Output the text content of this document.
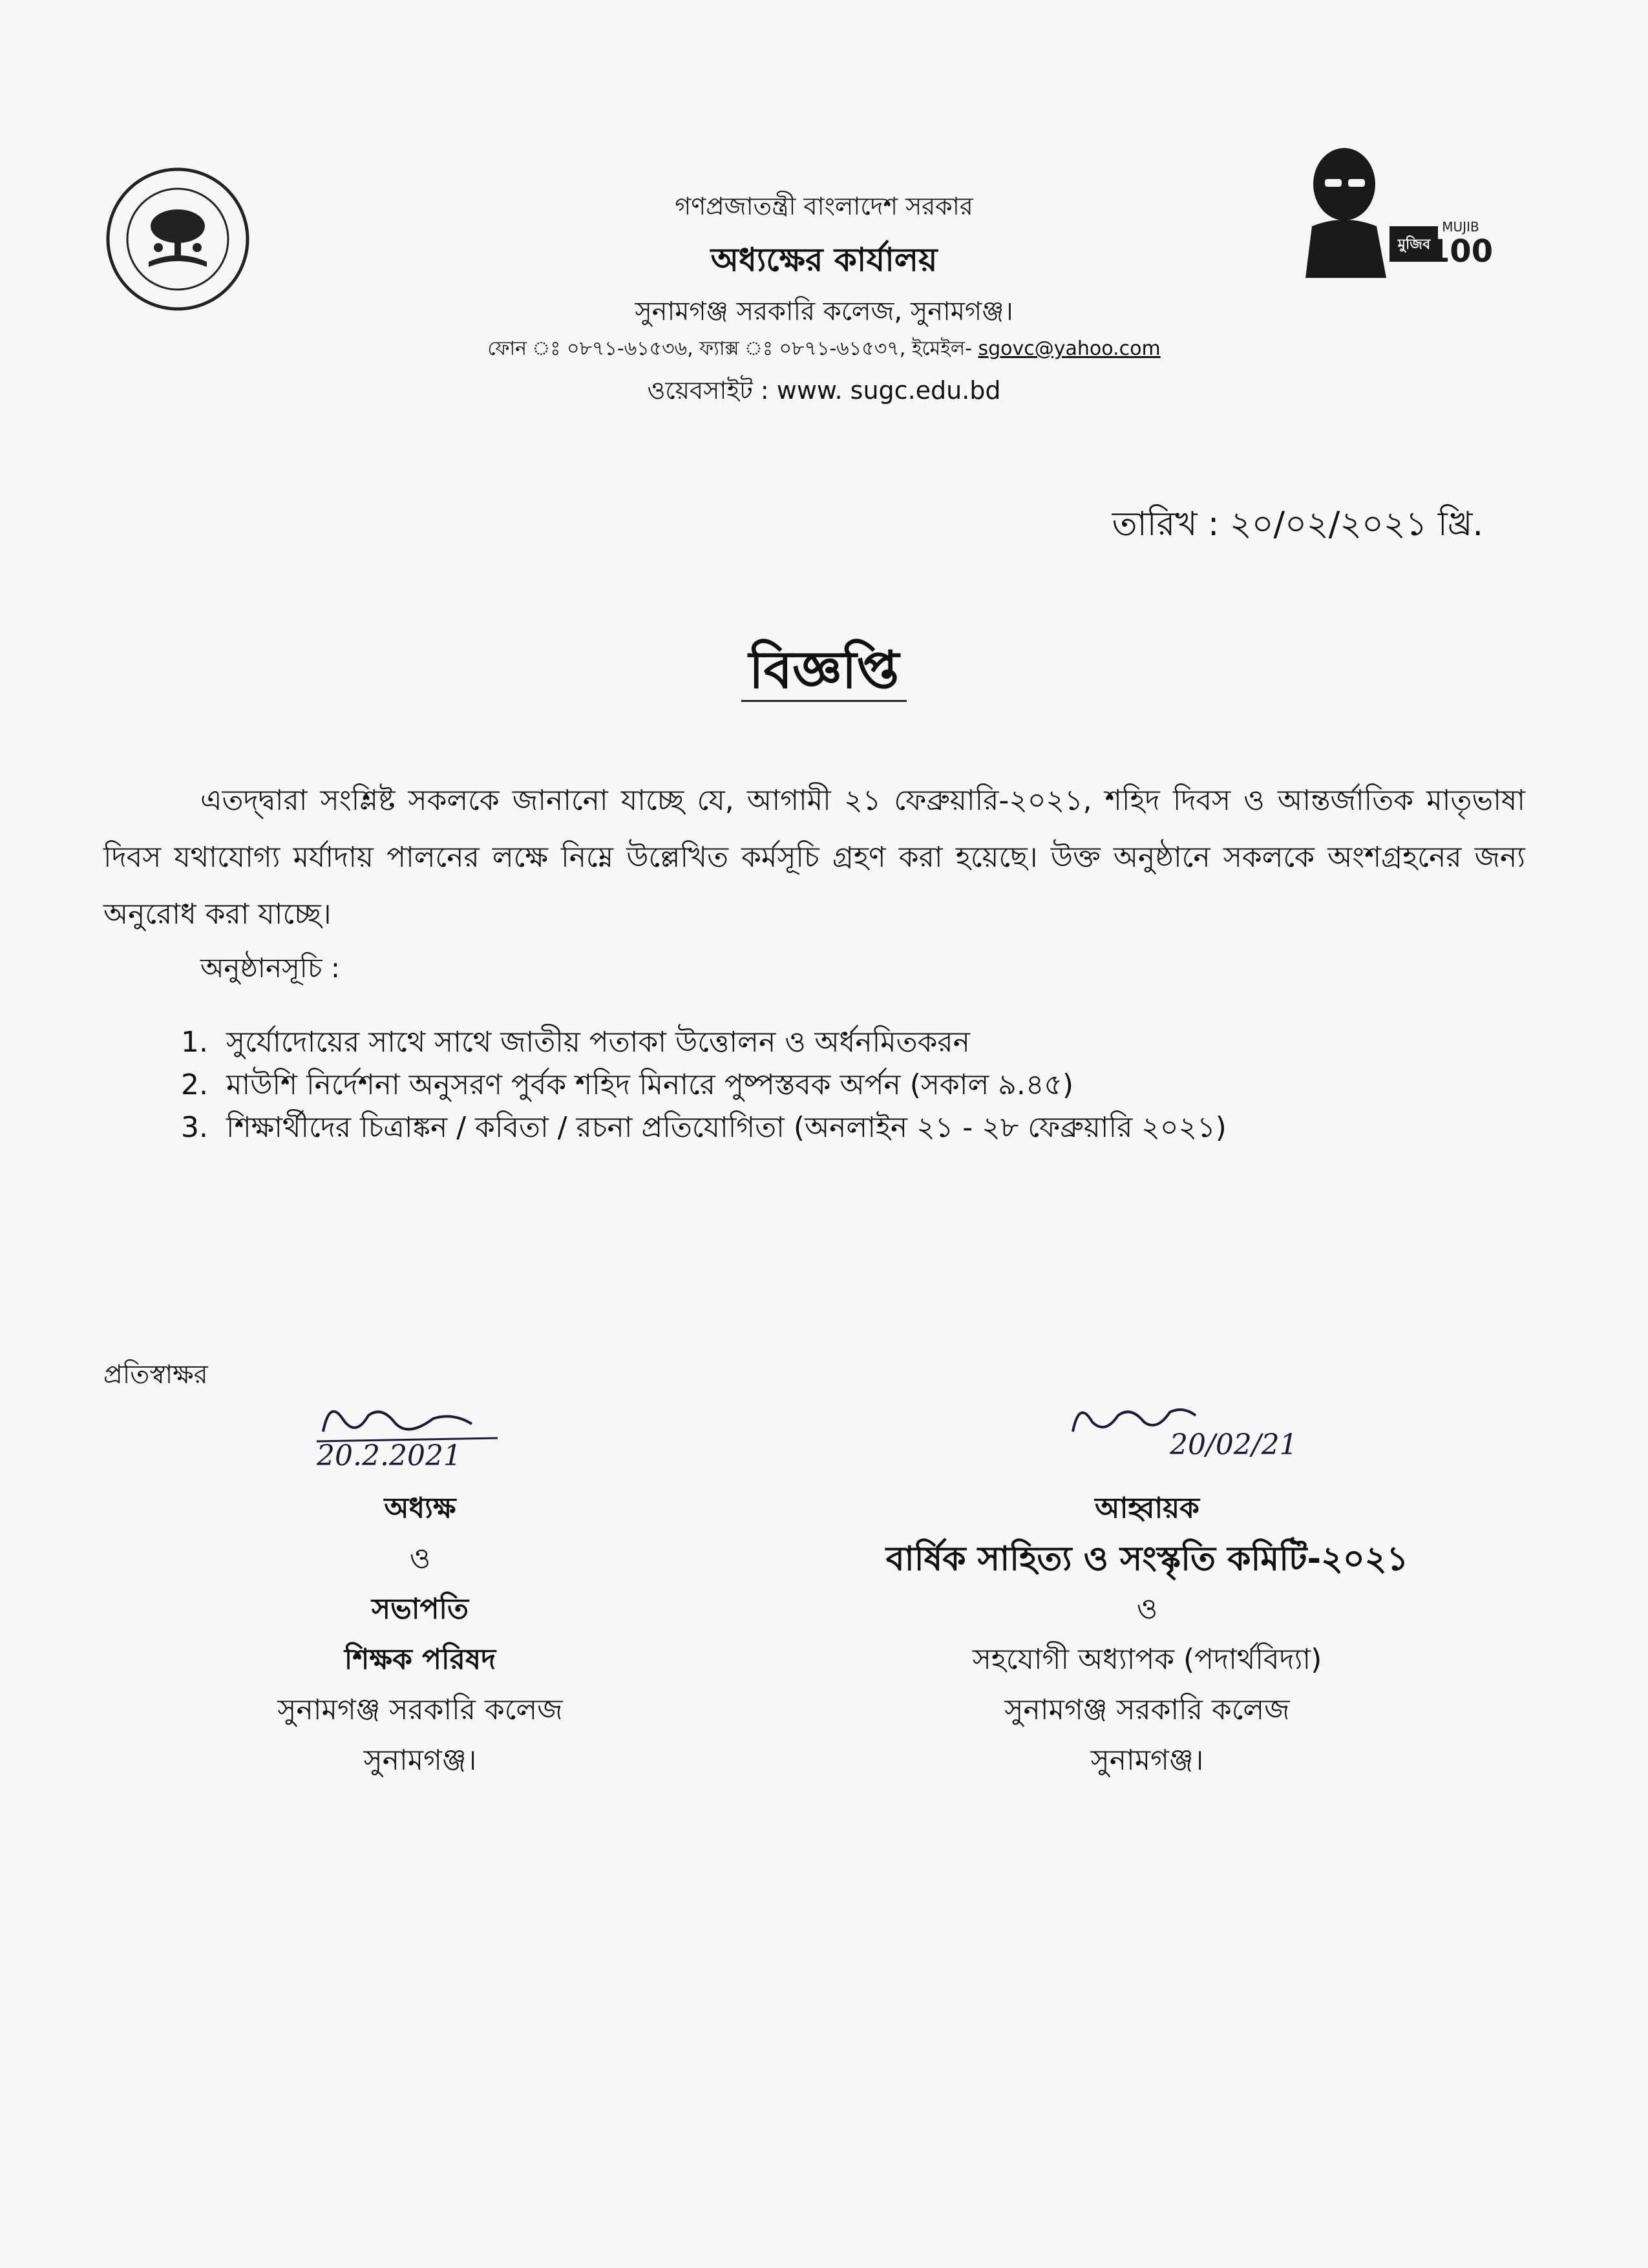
মুজিব
MUJIB
100
গণপ্রজাতন্ত্রী বাংলাদেশ সরকার
অধ্যক্ষের কার্যালয়
সুনামগঞ্জ সরকারি কলেজ, সুনামগঞ্জ।
ফোন ঃ ০৮৭১-৬১৫৩৬, ফ্যাক্স ঃ ০৮৭১-৬১৫৩৭, ইমেইল- sgovc@yahoo.com
ওয়েবসাইট : www. sugc.edu.bd
তারিখ : ২০/০২/২০২১ খ্রি.
বিজ্ঞপ্তি
এতদ্দ্বারা সংশ্লিষ্ট সকলকে জানানো যাচ্ছে যে, আগামী ২১ ফেব্রুয়ারি-২০২১, শহিদ দিবস ও আন্তর্জাতিক মাতৃভাষা দিবস যথাযোগ্য মর্যাদায় পালনের লক্ষে নিম্নে উল্লেখিত কর্মসূচি গ্রহণ করা হয়েছে। উক্ত অনুষ্ঠানে সকলকে অংশগ্রহনের জন্য অনুরোধ করা যাচ্ছে।
অনুষ্ঠানসূচি :
1. সুর্যোদোয়ের সাথে সাথে জাতীয় পতাকা উত্তোলন ও অর্ধনমিতকরন
2. মাউশি নির্দেশনা অনুসরণ পুর্বক শহিদ মিনারে পুষ্পস্তবক অর্পন (সকাল ৯.৪৫)
3. শিক্ষার্থীদের চিত্রাঙ্কন / কবিতা / রচনা প্রতিযোগিতা (অনলাইন ২১ - ২৮ ফেব্রুয়ারি ২০২১)
প্রতিস্বাক্ষর
20.2.2021
অধ্যক্ষ
ও
সভাপতি
শিক্ষক পরিষদ
সুনামগঞ্জ সরকারি কলেজ
সুনামগঞ্জ।
20/02/21
আহ্বায়ক
বার্ষিক সাহিত্য ও সংস্কৃতি কমিটি-২০২১
ও
সহযোগী অধ্যাপক (পদার্থবিদ্যা)
সুনামগঞ্জ সরকারি কলেজ
সুনামগঞ্জ।
